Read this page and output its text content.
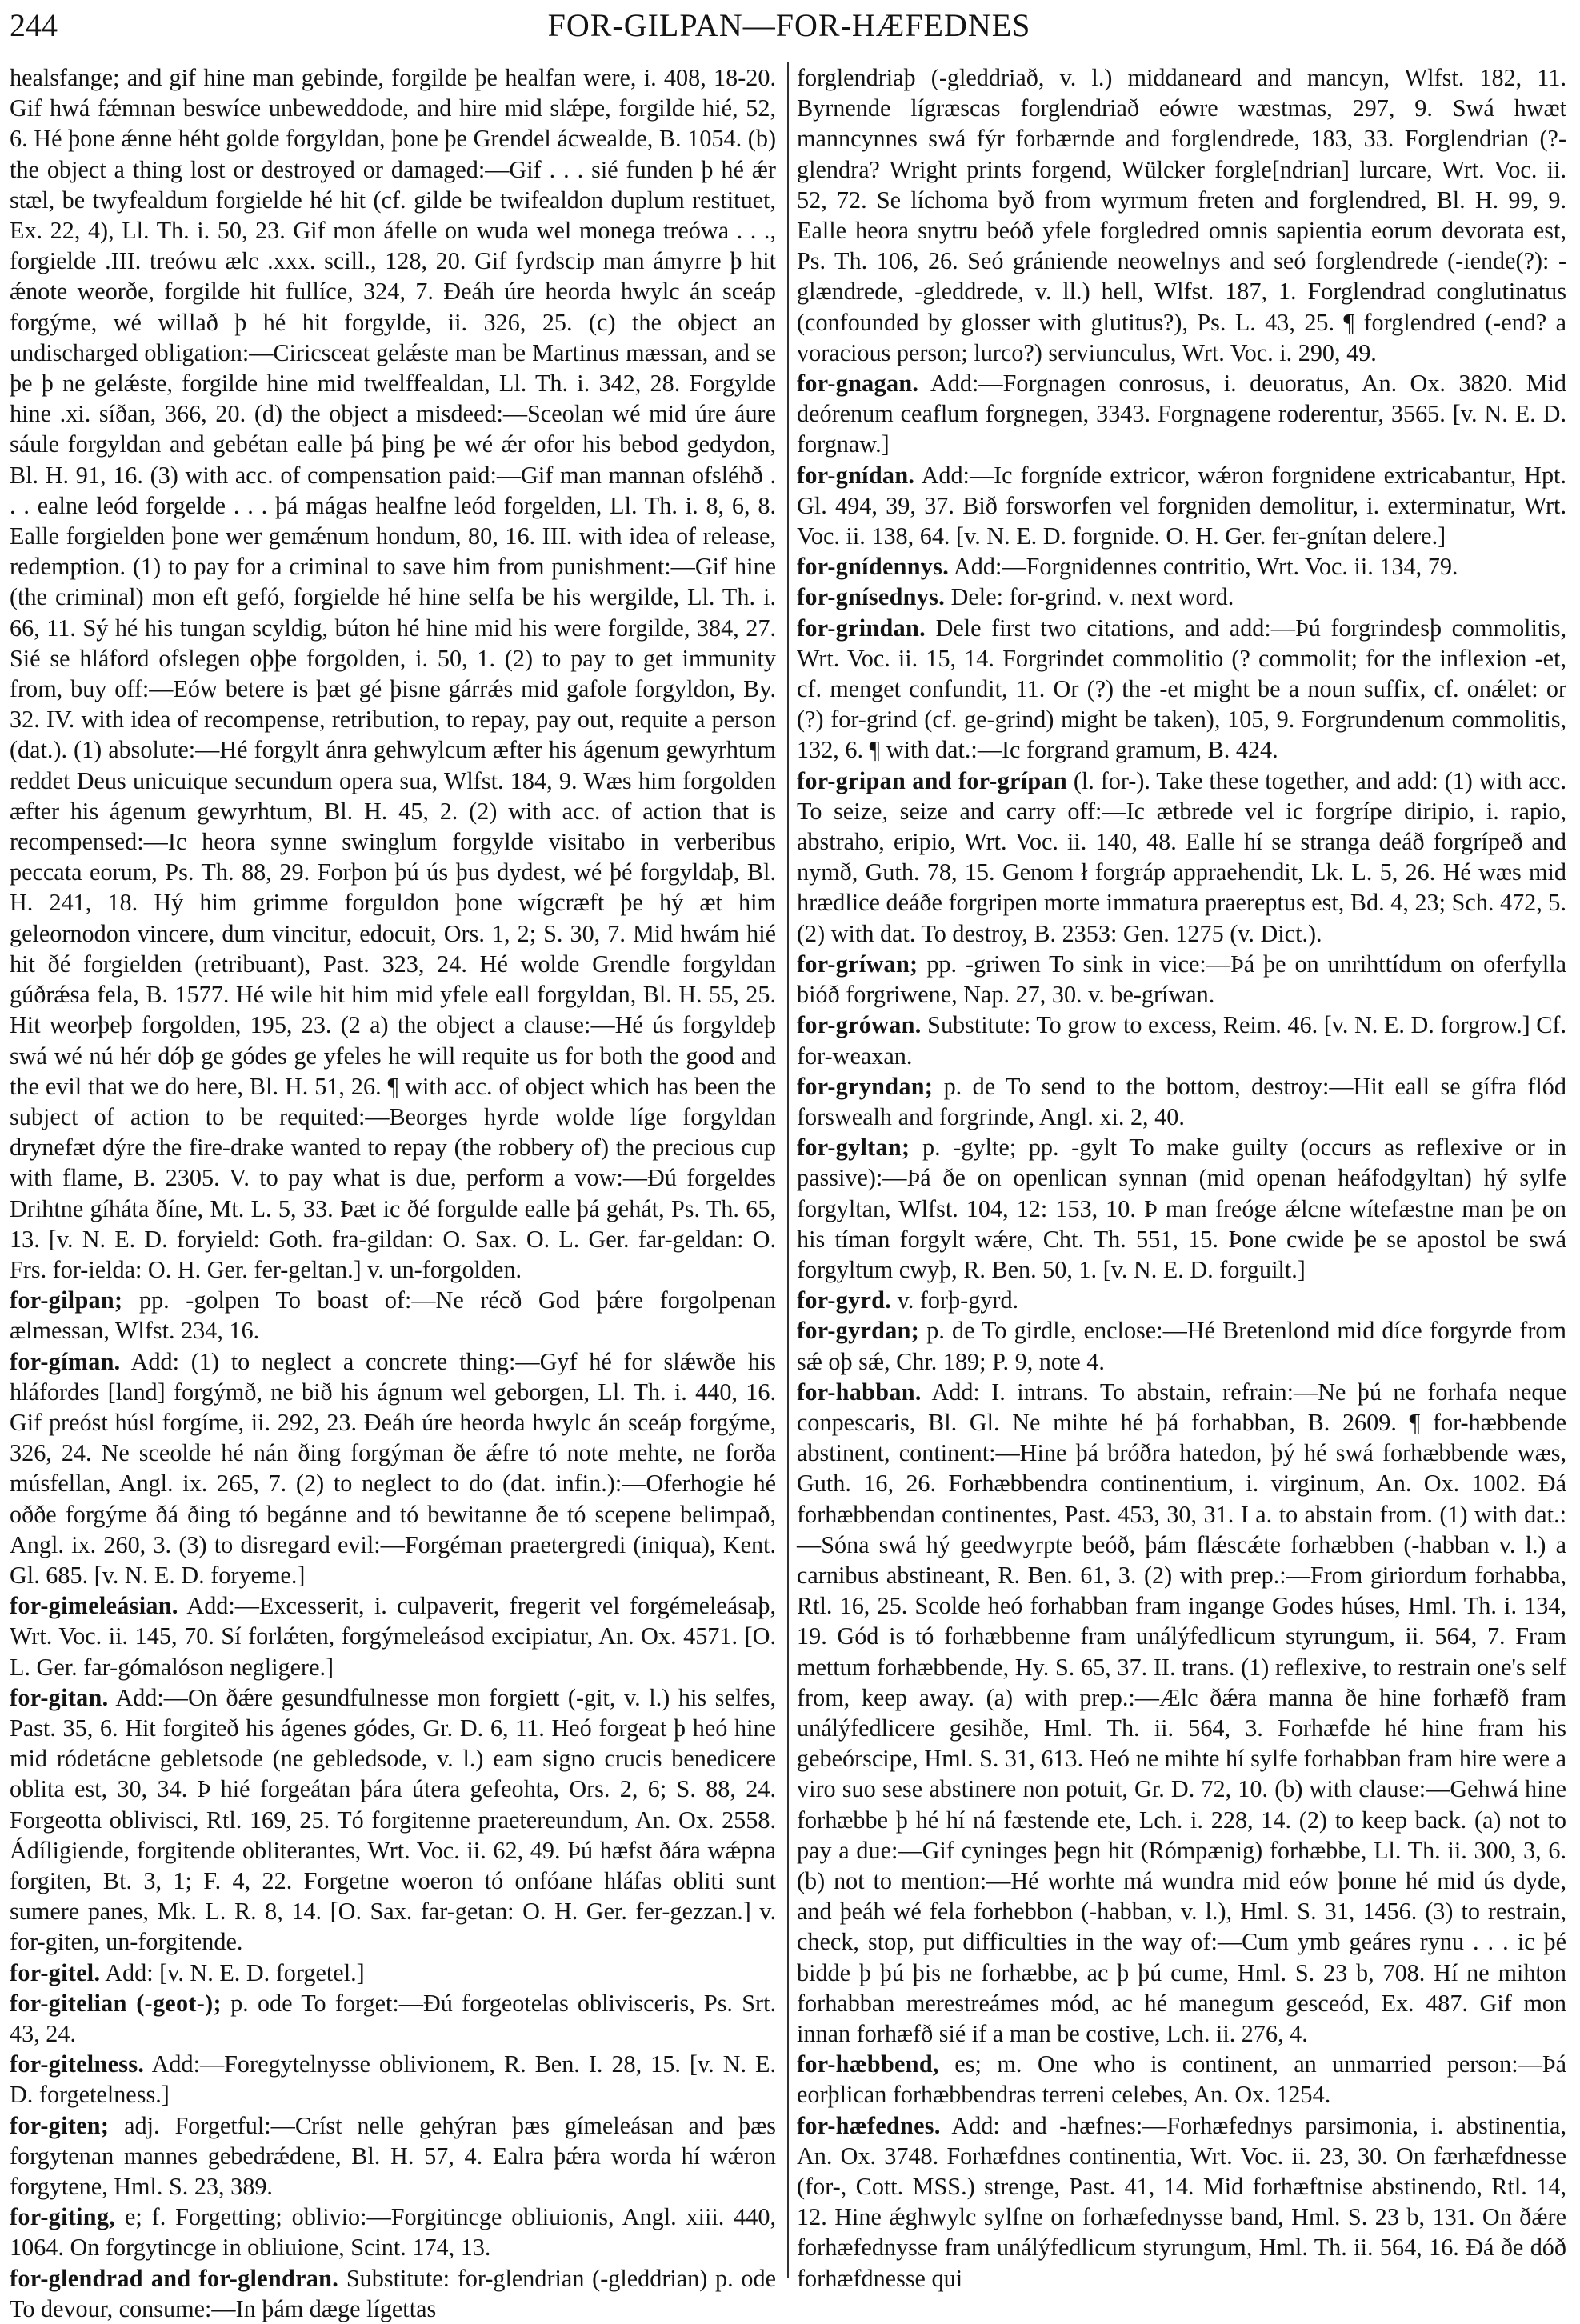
244	FOR-GILPAN—FOR-HÆFEDNES

healsfange; and gif hine man gebinde, forgilde þe healfan were, i. 408, 18-20. Gif hwá fǽmnan beswíce unbeweddode, and hire mid slǽpe, forgilde hié, 52, 6. Hé þone ǽnne héht golde forgyldan, þone þe Grendel ácwealde, B. 1054. (b) the object a thing lost or destroyed or damaged:—Gif . . . sié funden þ hé ǽr stæl, be twyfealdum forgielde hé hit (cf. gilde be twifealdon duplum restituet, Ex. 22, 4), Ll. Th. i. 50, 23. Gif mon áfelle on wuda wel monega treówa . . ., forgielde .III. treówu ælc .xxx. scill., 128, 20. Gif fyrdscip man ámyrre þ hit ǽnote weorðe, forgilde hit fullíce, 324, 7. Ðeáh úre heorda hwylc án sceáp forgýme, wé willað þ hé hit forgylde, ii. 326, 25. (c) the object an undischarged obligation:—Ciricsceat gelǽste man be Martinus mæssan, and se þe þ ne gelǽste, forgilde hine mid twelffealdan, Ll. Th. i. 342, 28. Forgylde hine .xi. síðan, 366, 20. (d) the object a misdeed:—Sceolan wé mid úre áure sáule forgyldan and gebétan ealle þá þing þe wé ǽr ofor his bebod gedydon, Bl. H. 91, 16. (3) with acc. of compensation paid:—Gif man mannan ofsléhð . . . ealne leód forgelde . . . þá mágas healfne leód forgelden, Ll. Th. i. 8, 6, 8. Ealle forgielden þone wer gemǽnum hondum, 80, 16. III. with idea of release, redemption. (1) to pay for a criminal to save him from punishment:—Gif hine (the criminal) mon eft gefó, forgielde hé hine selfa be his wergilde, Ll. Th. i. 66, 11. Sý hé his tungan scyldig, búton hé hine mid his were forgilde, 384, 27. Sié se hláford ofslegen oþþe forgolden, i. 50, 1. (2) to pay to get immunity from, buy off:—Eów betere is þæt gé þisne gárrǽs mid gafole forgyldon, By. 32. IV. with idea of recompense, retribution, to repay, pay out, requite a person (dat.). (1) absolute:—Hé forgylt ánra gehwylcum æfter his ágenum gewyrhtum reddet Deus unicuique secundum opera sua, Wlfst. 184, 9. Wæs him forgolden æfter his ágenum gewyrhtum, Bl. H. 45, 2. (2) with acc. of action that is recompensed:—Ic heora synne swinglum forgylde visitabo in verberibus peccata eorum, Ps. Th. 88, 29. Forþon þú ús þus dydest, wé þé forgyldaþ, Bl. H. 241, 18. Hý him grimme forguldon þone wígcræft þe hý æt him geleornodon vincere, dum vincitur, edocuit, Ors. 1, 2; S. 30, 7. Mid hwám hié hit ðé forgielden (retribuant), Past. 323, 24. Hé wolde Grendle forgyldan gúðrǽsa fela, B. 1577. Hé wile hit him mid yfele eall forgyldan, Bl. H. 55, 25. Hit weorþeþ forgolden, 195, 23. (2 a) the object a clause:—Hé ús forgyldeþ swá wé nú hér dóþ ge gódes ge yfeles he will requite us for both the good and the evil that we do here, Bl. H. 51, 26. ¶ with acc. of object which has been the subject of action to be requited:—Beorges hyrde wolde líge forgyldan drynefæt dýre the fire-drake wanted to repay (the robbery of) the precious cup with flame, B. 2305. V. to pay what is due, perform a vow:—Ðú forgeldes Drihtne gíháta ðíne, Mt. L. 5, 33. Þæt ic ðé forgulde ealle þá gehát, Ps. Th. 65, 13. [v. N. E. D. foryield: Goth. fra-gildan: O. Sax. O. L. Ger. far-geldan: O. Frs. for-ielda: O. H. Ger. fer-geltan.] v. un-forgolden.

for-gilpan; pp. -golpen To boast of:—Ne récð God þǽre forgolpenan ælmessan, Wlfst. 234, 16.

for-gíman. Add: (1) to neglect a concrete thing:—Gyf hé for slǽwðe his hláfordes [land] forgýmð, ne bið his ágnum wel geborgen, Ll. Th. i. 440, 16. Gif preóst húsl forgíme, ii. 292, 23. Ðeáh úre heorda hwylc án sceáp forgýme, 326, 24. Ne sceolde hé nán ðing forgýman ðe ǽfre tó note mehte, ne forða músfellan, Angl. ix. 265, 7. (2) to neglect to do (dat. infin.):—Oferhogie hé oððe forgýme ðá ðing tó begánne and tó bewitanne ðe tó scepene belimpað, Angl. ix. 260, 3. (3) to disregard evil:—Forgéman praetergredi (iniqua), Kent. Gl. 685. [v. N. E. D. foryeme.]

for-gimeleásian. Add:—Excesserit, i. culpaverit, fregerit vel forgémeleásaþ, Wrt. Voc. ii. 145, 70. Sí forlǽten, forgýmeleásod excipiatur, An. Ox. 4571. [O. L. Ger. far-gómalóson negligere.]

for-gitan. Add:—On ðǽre gesundfulnesse mon forgiett (-git, v. l.) his selfes, Past. 35, 6. Hit forgiteð his ágenes gódes, Gr. D. 6, 11. Heó forgeat þ heó hine mid ródetácne gebletsode (ne gebledsode, v. l.) eam signo crucis benedicere oblita est, 30, 34. Þ hié forgeátan þára útera gefeohta, Ors. 2, 6; S. 88, 24. Forgeotta oblivisci, Rtl. 169, 25. Tó forgitenne praetereundum, An. Ox. 2558. Ádíligiende, forgitende obliterantes, Wrt. Voc. ii. 62, 49. Þú hæfst ðára wǽpna forgiten, Bt. 3, 1; F. 4, 22. Forgetne woeron tó onfóane hláfas obliti sunt sumere panes, Mk. L. R. 8, 14. [O. Sax. far-getan: O. H. Ger. fer-gezzan.] v. for-giten, un-forgitende.

for-gitel. Add: [v. N. E. D. forgetel.]

for-gitelian (-geot-); p. ode To forget:—Ðú forgeotelas oblivisceris, Ps. Srt. 43, 24.

for-gitelness. Add:—Foregytelnysse oblivionem, R. Ben. I. 28, 15. [v. N. E. D. forgetelness.]

for-giten; adj. Forgetful:—Críst nelle gehýran þæs gímeleásan and þæs forgytenan mannes gebedrǽdene, Bl. H. 57, 4. Ealra þǽra worda hí wǽron forgytene, Hml. S. 23, 389.

for-giting, e; f. Forgetting; oblivio:—Forgitincge obliuionis, Angl. xiii. 440, 1064. On forgytincge in obliuione, Scint. 174, 13.

for-glendrad and for-glendran. Substitute: for-glendrian (-gleddrian) p. ode To devour, consume:—In þám dæge lígettas

forglendriaþ (-gleddriað, v. l.) middaneard and mancyn, Wlfst. 182, 11. Byrnende lígræscas forglendriað eówre wæstmas, 297, 9. Swá hwæt manncynnes swá fýr forbærnde and forglendrede, 183, 33. Forglendrian (?-glendra? Wright prints forgend, Wülcker forgle[ndrian] lurcare, Wrt. Voc. ii. 52, 72. Se líchoma byð from wyrmum freten and forglendred, Bl. H. 99, 9. Ealle heora snytru beóð yfele forgledred omnis sapientia eorum devorata est, Ps. Th. 106, 26. Seó grániende neowelnys and seó forglendrede (-iende(?): -glændrede, -gleddrede, v. ll.) hell, Wlfst. 187, 1. Forglendrad conglutinatus (confounded by glosser with glutitus?), Ps. L. 43, 25. ¶ forglendred (-end? a voracious person; lurco?) serviunculus, Wrt. Voc. i. 290, 49.

for-gnagan. Add:—Forgnagen conrosus, i. deuoratus, An. Ox. 3820. Mid deórenum ceaflum forgnegen, 3343. Forgnagene roderentur, 3565. [v. N. E. D. forgnaw.]

for-gnídan. Add:—Ic forgníde extricor, wǽron forgnidene extricabantur, Hpt. Gl. 494, 39, 37. Bið forsworfen vel forgniden demolitur, i. exterminatur, Wrt. Voc. ii. 138, 64. [v. N. E. D. forgnide. O. H. Ger. fer-gnítan delere.]

for-gnídennys. Add:—Forgnidennes contritio, Wrt. Voc. ii. 134, 79.

for-gnísednys. Dele: for-grind. v. next word.

for-grindan. Dele first two citations, and add:—Þú forgrindesþ commolitis, Wrt. Voc. ii. 15, 14. Forgrindet commolitio (? commolit; for the inflexion -et, cf. menget confundit, 11. Or (?) the -et might be a noun suffix, cf. onǽlet: or (?) for-grind (cf. ge-grind) might be taken), 105, 9. Forgrundenum commolitis, 132, 6. ¶ with dat.:—Ic forgrand gramum, B. 424.

for-gripan and for-grípan (l. for-). Take these together, and add: (1) with acc. To seize, seize and carry off:—Ic ætbrede vel ic forgrípe diripio, i. rapio, abstraho, eripio, Wrt. Voc. ii. 140, 48. Ealle hí se stranga deáð forgrípeð and nymð, Guth. 78, 15. Genom ł forgráp appraehendit, Lk. L. 5, 26. Hé wæs mid hrædlice deáðe forgripen morte immatura praereptus est, Bd. 4, 23; Sch. 472, 5. (2) with dat. To destroy, B. 2353: Gen. 1275 (v. Dict.).

for-gríwan; pp. -griwen To sink in vice:—Þá þe on unrihttídum on oferfylla bióð forgriwene, Nap. 27, 30. v. be-gríwan.

for-grówan. Substitute: To grow to excess, Reim. 46. [v. N. E. D. forgrow.] Cf. for-weaxan.

for-gryndan; p. de To send to the bottom, destroy:—Hit eall se gífra flód forswealh and forgrinde, Angl. xi. 2, 40.

for-gyltan; p. -gylte; pp. -gylt To make guilty (occurs as reflexive or in passive):—Þá ðe on openlican synnan (mid openan heáfodgyltan) hý sylfe forgyltan, Wlfst. 104, 12: 153, 10. Þ man freóge ǽlcne wítefæstne man þe on his tíman forgylt wǽre, Cht. Th. 551, 15. Þone cwide þe se apostol be swá forgyltum cwyþ, R. Ben. 50, 1. [v. N. E. D. forguilt.]

for-gyrd. v. forþ-gyrd.

for-gyrdan; p. de To girdle, enclose:—Hé Bretenlond mid díce forgyrde from sǽ oþ sǽ, Chr. 189; P. 9, note 4.

for-habban. Add: I. intrans. To abstain, refrain:—Ne þú ne forhafa neque conpescaris, Bl. Gl. Ne mihte hé þá forhabban, B. 2609. ¶ for-hæbbende abstinent, continent:—Hine þá bróðra hatedon, þý hé swá forhæbbende wæs, Guth. 16, 26. Forhæbbendra continentium, i. virginum, An. Ox. 1002. Ðá forhæbbendan continentes, Past. 453, 30, 31. I a. to abstain from. (1) with dat.:—Sóna swá hý geedwyrpte beóð, þám flǽscǽte forhæbben (-habban v. l.) a carnibus abstineant, R. Ben. 61, 3. (2) with prep.:—From giriordum forhabba, Rtl. 16, 25. Scolde heó forhabban fram ingange Godes húses, Hml. Th. i. 134, 19. Gód is tó forhæbbenne fram unálýfedlicum styrungum, ii. 564, 7. Fram mettum forhæbbende, Hy. S. 65, 37. II. trans. (1) reflexive, to restrain one's self from, keep away. (a) with prep.:—Ælc ðǽra manna ðe hine forhæfð fram unálýfedlicere gesihðe, Hml. Th. ii. 564, 3. Forhæfde hé hine fram his gebeórscipe, Hml. S. 31, 613. Heó ne mihte hí sylfe forhabban fram hire were a viro suo sese abstinere non potuit, Gr. D. 72, 10. (b) with clause:—Gehwá hine forhæbbe þ hé hí ná fæstende ete, Lch. i. 228, 14. (2) to keep back. (a) not to pay a due:—Gif cyninges þegn hit (Rómpænig) forhæbbe, Ll. Th. ii. 300, 3, 6. (b) not to mention:—Hé worhte má wundra mid eów þonne hé mid ús dyde, and þeáh wé fela forhebbon (-habban, v. l.), Hml. S. 31, 1456. (3) to restrain, check, stop, put difficulties in the way of:—Cum ymb geáres rynu . . . ic þé bidde þ þú þis ne forhæbbe, ac þ þú cume, Hml. S. 23 b, 708. Hí ne mihton forhabban merestreámes mód, ac hé manegum gesceód, Ex. 487. Gif mon innan forhæfð sié if a man be costive, Lch. ii. 276, 4.

for-hæbbend, es; m. One who is continent, an unmarried person:—Þá eorþlican forhæbbendras terreni celebes, An. Ox. 1254.

for-hæfednes. Add: and -hæfnes:—Forhæfednys parsimonia, i. abstinentia, An. Ox. 3748. Forhæfdnes continentia, Wrt. Voc. ii. 23, 30. On færhæfdnesse (for-, Cott. MSS.) strenge, Past. 41, 14. Mid forhæftnise abstinendo, Rtl. 14, 12. Hine ǽghwylc sylfne on forhæfednysse band, Hml. S. 23 b, 131. On ðǽre forhæfednysse fram unálýfedlicum styrungum, Hml. Th. ii. 564, 16. Ðá ðe dóð forhæfdnesse qui
